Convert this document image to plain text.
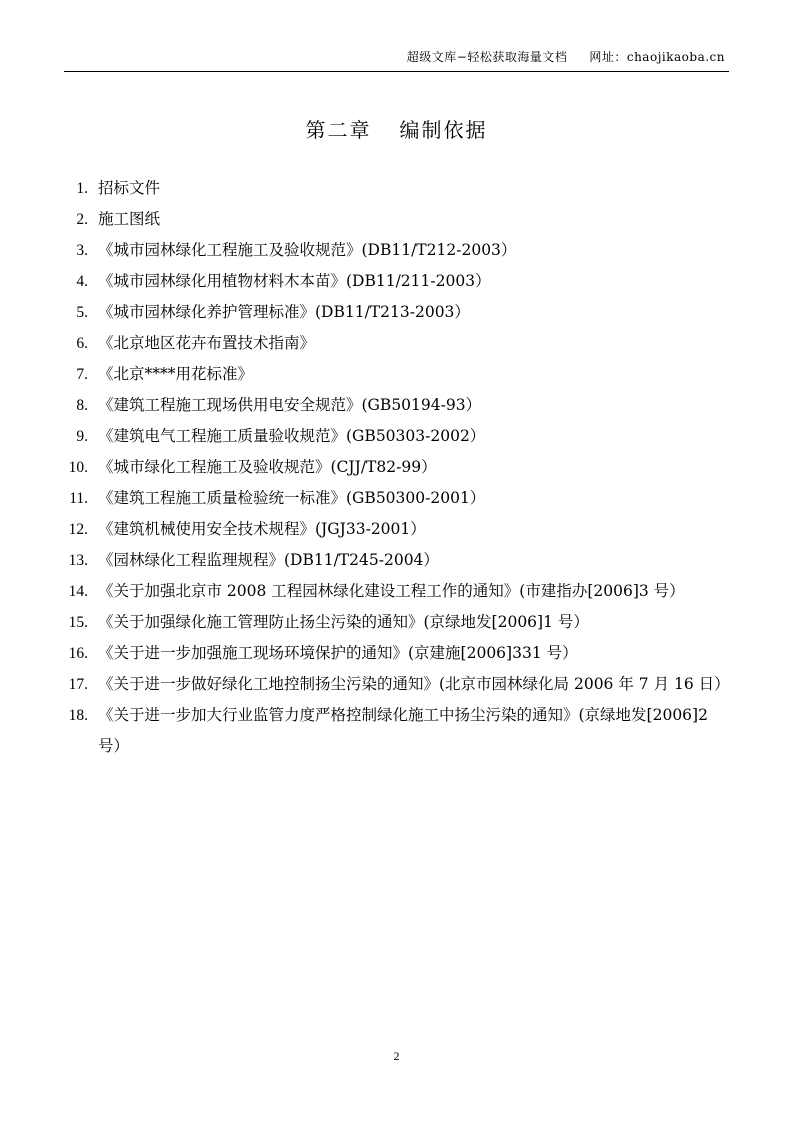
超级文库−轻松获取海量文档 网址：chaojikaoba.cn
第二章 编制依据
1. 招标文件
2. 施工图纸
3. 《城市园林绿化工程施工及验收规范》(DB11/T212-2003）
4. 《城市园林绿化用植物材料木本苗》(DB11/211-2003）
5. 《城市园林绿化养护管理标准》(DB11/T213-2003）
6. 《北京地区花卉布置技术指南》
7. 《北京****用花标准》
8. 《建筑工程施工现场供用电安全规范》(GB50194-93）
9. 《建筑电气工程施工质量验收规范》(GB50303-2002）
10. 《城市绿化工程施工及验收规范》(CJJ/T82-99）
11. 《建筑工程施工质量检验统一标准》(GB50300-2001）
12. 《建筑机械使用安全技术规程》(JGJ33-2001）
13. 《园林绿化工程监理规程》(DB11/T245-2004）
14. 《关于加强北京市 2008 工程园林绿化建设工程工作的通知》(市建指办[2006]3 号）
15. 《关于加强绿化施工管理防止扬尘污染的通知》(京绿地发[2006]1 号）
16. 《关于进一步加强施工现场环境保护的通知》(京建施[2006]331 号）
17. 《关于进一步做好绿化工地控制扬尘污染的通知》(北京市园林绿化局 2006 年 7 月 16 日）
18. 《关于进一步加大行业监管力度严格控制绿化施工中扬尘污染的通知》(京绿地发[2006]2 号）
2
